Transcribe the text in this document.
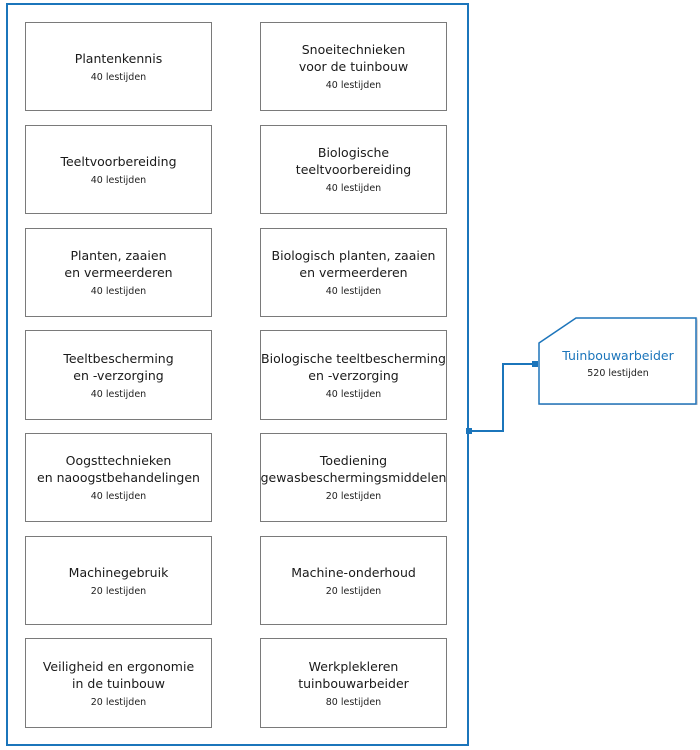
Plantenkennis
40 lestijden
Teeltvoorbereiding
40 lestijden
Planten, zaaien
en vermeerderen
40 lestijden
Teeltbescherming
en -verzorging
40 lestijden
Oogsttechnieken
en naoogstbehandelingen
40 lestijden
Machinegebruik
20 lestijden
Veiligheid en ergonomie
in de tuinbouw
20 lestijden
Snoeitechnieken
voor de tuinbouw
40 lestijden
Biologische
teeltvoorbereiding
40 lestijden
Biologisch planten, zaaien
en vermeerderen
40 lestijden
Biologische teeltbescherming
en -verzorging
40 lestijden
Toediening
gewasbeschermingsmiddelen
20 lestijden
Machine-onderhoud
20 lestijden
Werkplekleren
tuinbouwarbeider
80 lestijden
Tuinbouwarbeider
520 lestijden
